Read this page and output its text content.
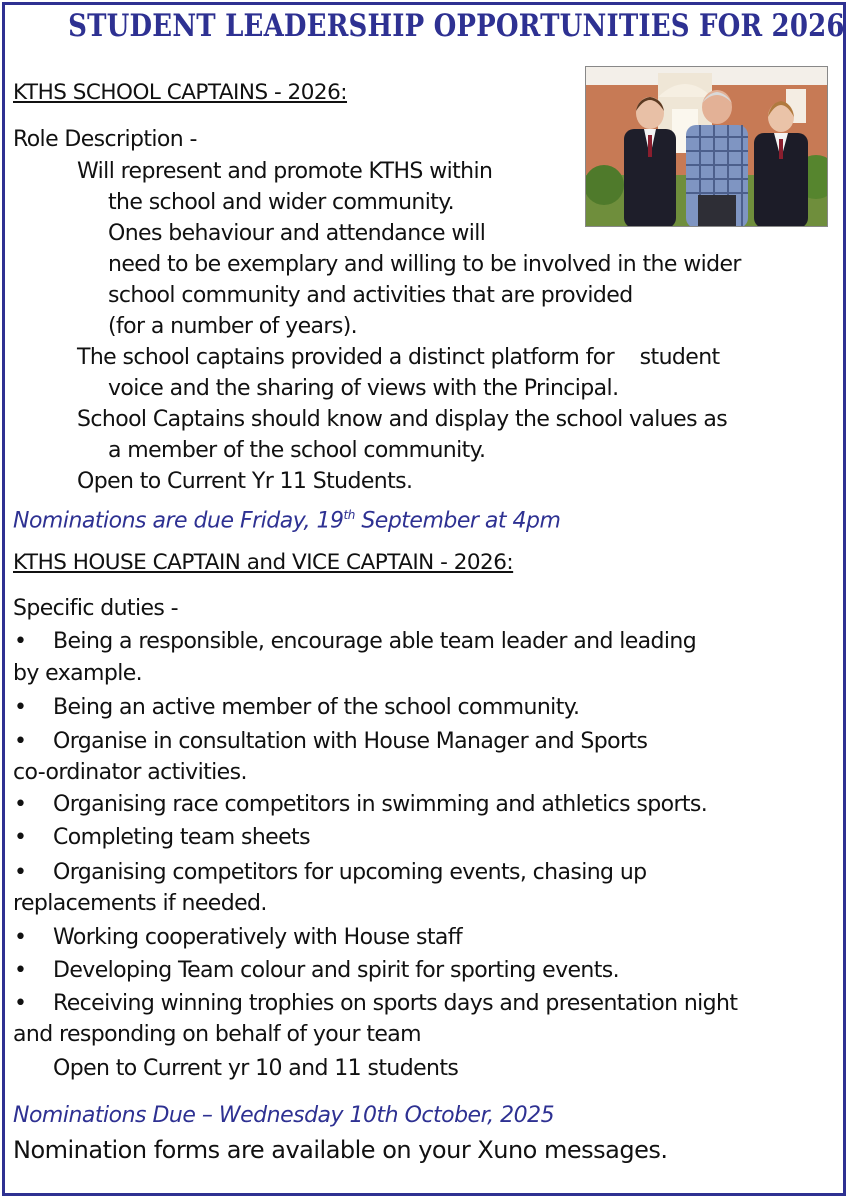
STUDENT LEADERSHIP OPPORTUNITIES FOR 2026
KTHS SCHOOL CAPTAINS - 2026:
Role Description -
Will represent and promote KTHS within
the school and wider community.
Ones behaviour and attendance will
need to be exemplary and willing to be involved in the wider
school community and activities that are provided
(for a number of years).
The school captains provided a distinct platform for    student
voice and the sharing of views with the Principal.
School Captains should know and display the school values as
a member of the school community.
Open to Current Yr 11 Students.
Nominations are due Friday, 19th September at 4pm
KTHS HOUSE CAPTAIN and VICE CAPTAIN - 2026:
Specific duties -
• Being a responsible, encourage able team leader and leading
by example.
• Being an active member of the school community.
• Organise in consultation with House Manager and Sports
co-ordinator activities.
• Organising race competitors in swimming and athletics sports.
• Completing team sheets
• Organising competitors for upcoming events, chasing up
replacements if needed.
• Working cooperatively with House staff
• Developing Team colour and spirit for sporting events.
• Receiving winning trophies on sports days and presentation night
and responding on behalf of your team
Open to Current yr 10 and 11 students
Nominations Due – Wednesday 10th October, 2025
Nomination forms are available on your Xuno messages.
